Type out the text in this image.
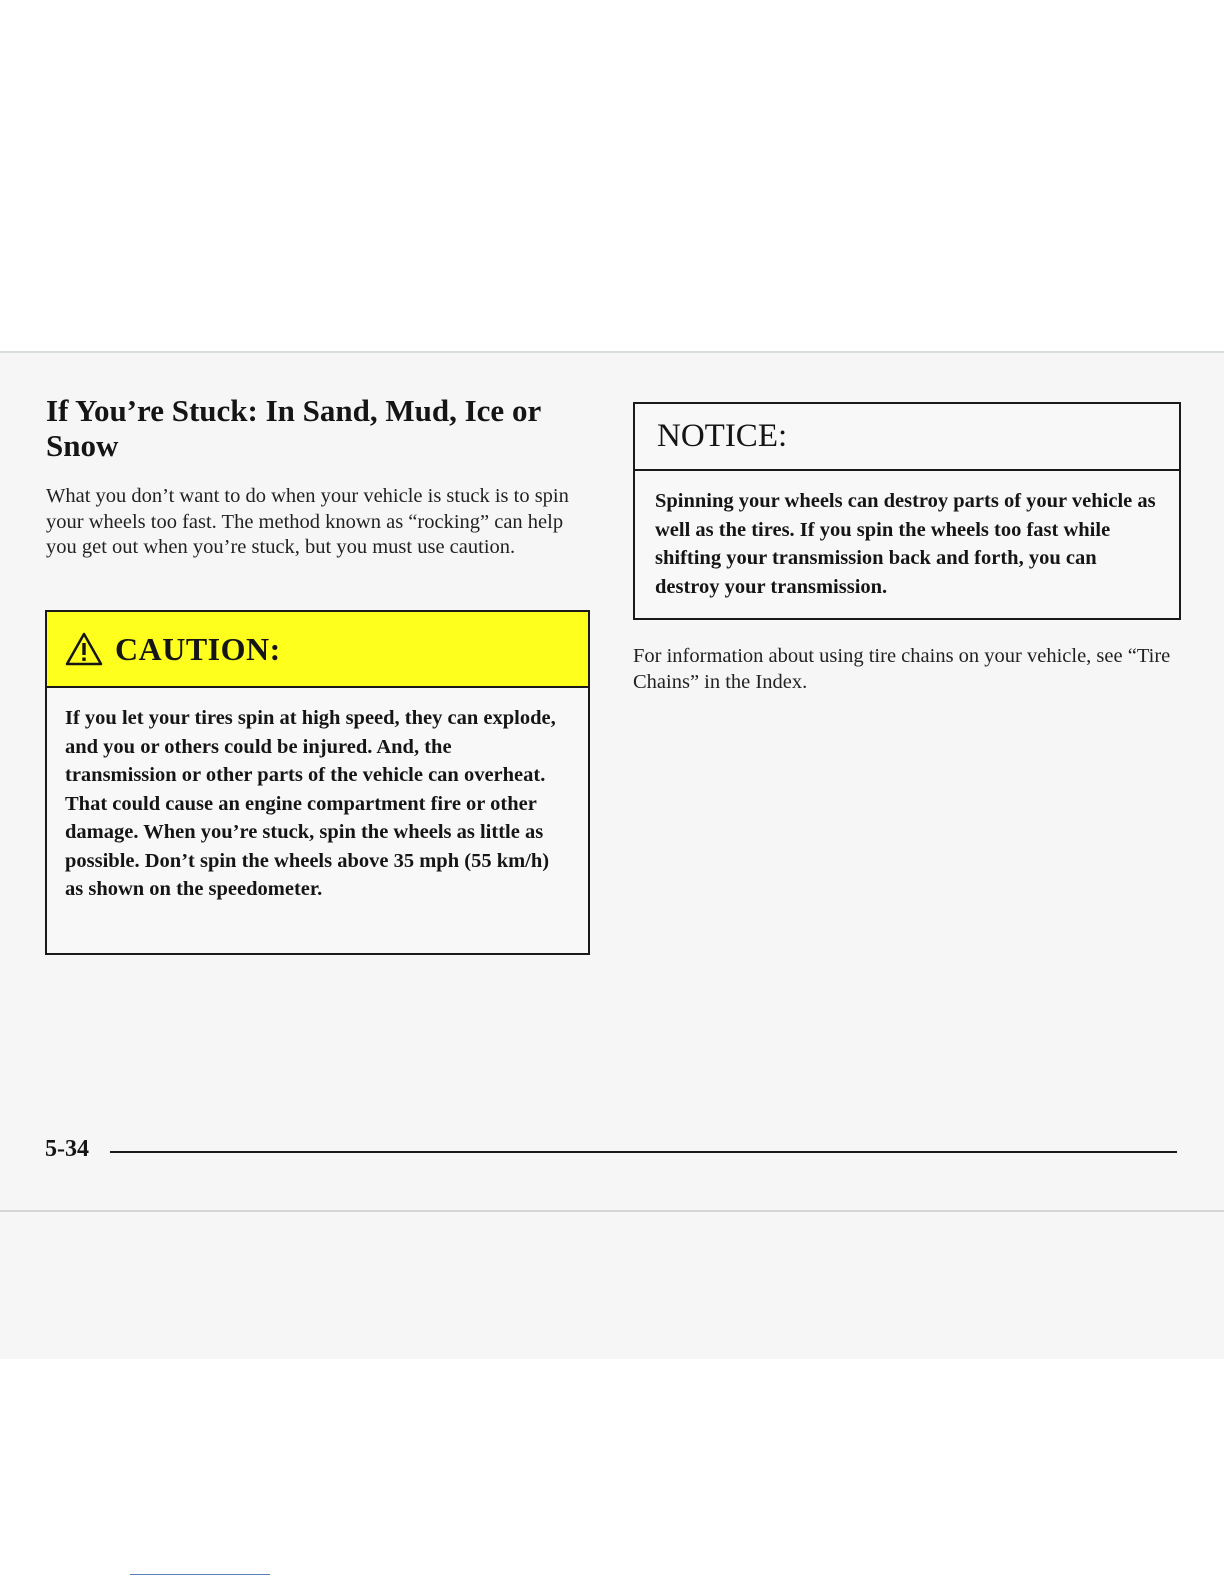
If You’re Stuck: In Sand, Mud, Ice or Snow

What you don’t want to do when your vehicle is stuck is to spin your wheels too fast. The method known as “rocking” can help you get out when you’re stuck, but you must use caution.

CAUTION:

If you let your tires spin at high speed, they can explode, and you or others could be injured. And, the transmission or other parts of the vehicle can overheat. That could cause an engine compartment fire or other damage. When you’re stuck, spin the wheels as little as possible. Don’t spin the wheels above 35 mph (55 km/h) as shown on the speedometer.

NOTICE:

Spinning your wheels can destroy parts of your vehicle as well as the tires. If you spin the wheels too fast while shifting your transmission back and forth, you can destroy your transmission.

For information about using tire chains on your vehicle, see “Tire Chains” in the Index.

5-34
